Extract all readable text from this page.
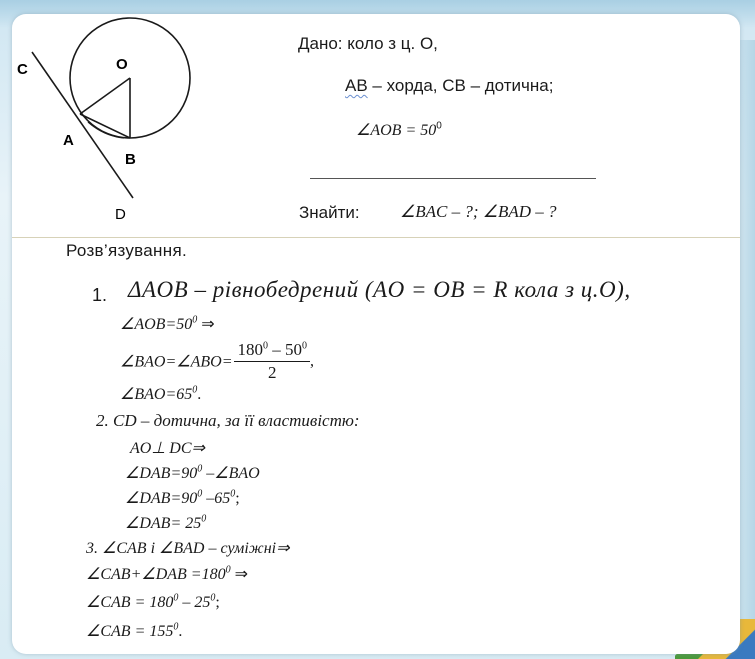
C	O
A
B
D
Дано: коло з ц. О,
АВ – хорда, СВ – дотична;
∠AOB = $50^0$
Знайти: ∠BAC – ?; ∠BAD – ?
Розв’язування.
1. ΔAOB – рівнобедрений (AO = OB = R кола з ц.O),
$\angle AOB=50^0$ ⇒
∠BAO=∠ABO= $\frac{180^0 - 50^0}{2}$ ,
$\angle BAO=65^0$.
2. CD – дотична, за її властивістю:
AO⊥ DC⇒
$\angle DAB=90^0$ –∠BAO
$\angle DAB=90^0$ $-65^0$;
∠DAB= $25^0$
3. ∠CAB і ∠BAD – суміжні⇒
∠CAB+∠DAB $=180^0$ ⇒
∠CAB = $180^0 - 25^0$;
∠CAB = $155^0$.
